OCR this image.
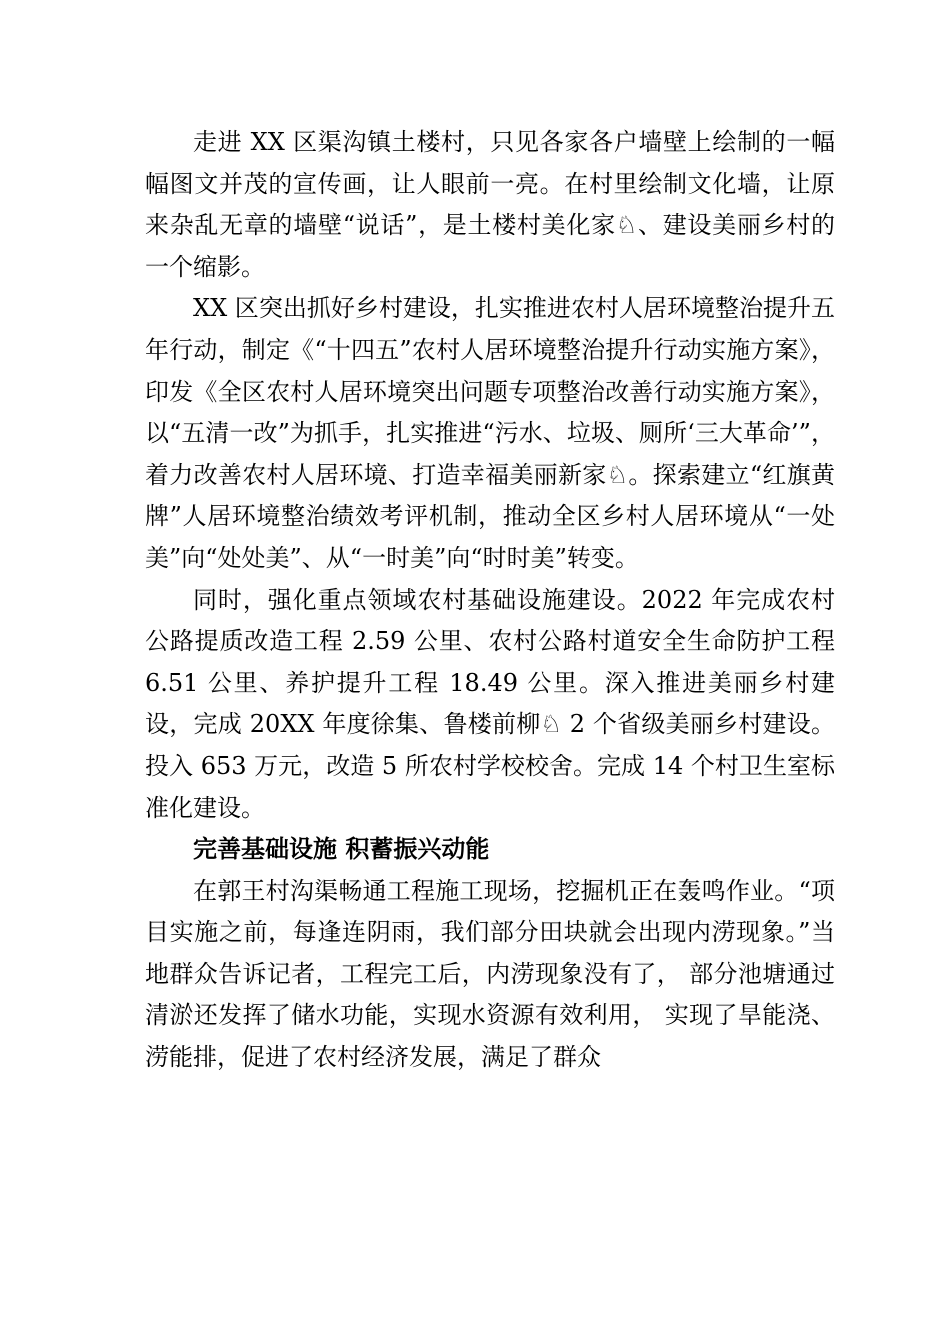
走进 XX 区渠沟镇土楼村，只见各家各户墙壁上绘制的一幅幅图文并茂的宣传画，让人眼前一亮。在村里绘制文化墙，让原来杂乱无章的墙壁“说话”，是土楼村美化家♘、建设美丽乡村的一个缩影。

XX 区突出抓好乡村建设，扎实推进农村人居环境整治提升五年行动，制定《“十四五”农村人居环境整治提升行动实施方案》，印发《全区农村人居环境突出问题专项整治改善行动实施方案》，以“五清一改”为抓手，扎实推进“污水、垃圾、厕所‘三大革命’”，着力改善农村人居环境、打造幸福美丽新家♘。探索建立“红旗黄牌”人居环境整治绩效考评机制，推动全区乡村人居环境从“一处美”向“处处美”、从“一时美”向“时时美”转变。

同时，强化重点领域农村基础设施建设。2022 年完成农村公路提质改造工程 2.59 公里、农村公路村道安全生命防护工程 6.51 公里、养护提升工程 18.49 公里。深入推进美丽乡村建设，完成 20XX 年度徐集、鲁楼前柳♘ 2 个省级美丽乡村建设。 投入 653 万元，改造 5 所农村学校校舍。完成 14 个村卫生室标准化建设。

完善基础设施 积蓄振兴动能

在郭王村沟渠畅通工程施工现场，挖掘机正在轰鸣作业。“项目实施之前，每逢连阴雨，我们部分田块就会出现内涝现象。”当地群众告诉记者，工程完工后，内涝现象没有了， 部分池塘通过清淤还发挥了储水功能，实现水资源有效利用， 实现了旱能浇、涝能排，促进了农村经济发展，满足了群众
